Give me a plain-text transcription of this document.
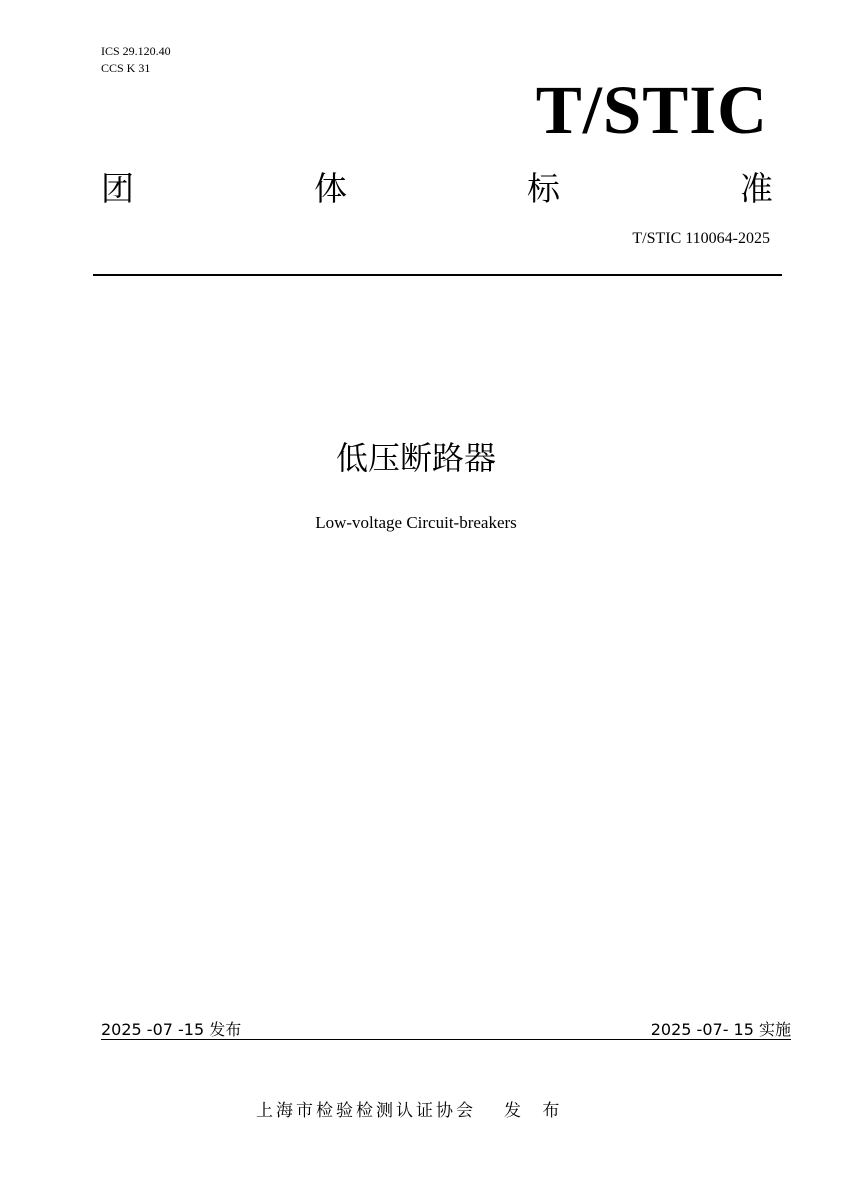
ICS 29.120.40
CCS K 31
T/STIC
团	体	标	准
T/STIC 110064-2025
低压断路器
Low-voltage Circuit-breakers
2025 -07 -15 发布	2025 -07- 15 实施
上海市检验检测认证协会 发 布
